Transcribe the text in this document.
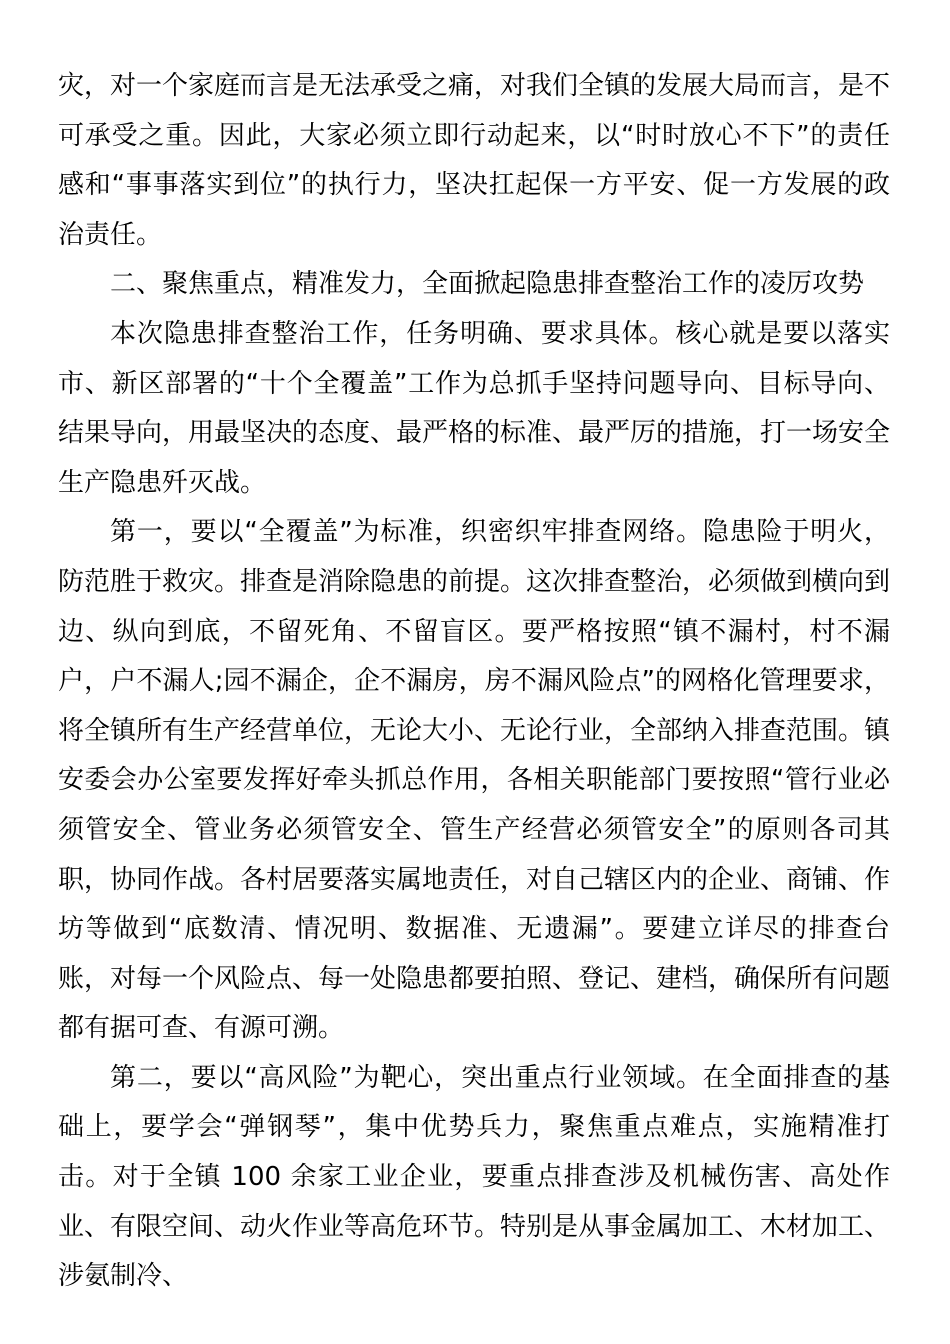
灾，对一个家庭而言是无法承受之痛，对我们全镇的发展大局而言，是不可承受之重。因此，大家必须立即行动起来，以“时时放心不下”的责任感和“事事落实到位”的执行力，坚决扛起保一方平安、促一方发展的政治责任。

二、聚焦重点，精准发力，全面掀起隐患排查整治工作的凌厉攻势

本次隐患排查整治工作，任务明确、要求具体。核心就是要以落实市、新区部署的“十个全覆盖”工作为总抓手坚持问题导向、目标导向、结果导向，用最坚决的态度、最严格的标准、最严厉的措施，打一场安全生产隐患歼灭战。

第一，要以“全覆盖”为标准，织密织牢排查网络。隐患险于明火，防范胜于救灾。排查是消除隐患的前提。这次排查整治，必须做到横向到边、纵向到底，不留死角、不留盲区。要严格按照“镇不漏村，村不漏户，户不漏人;园不漏企，企不漏房，房不漏风险点”的网格化管理要求，将全镇所有生产经营单位，无论大小、无论行业，全部纳入排查范围。镇安委会办公室要发挥好牵头抓总作用，各相关职能部门要按照“管行业必须管安全、管业务必须管安全、管生产经营必须管安全”的原则各司其职，协同作战。各村居要落实属地责任，对自己辖区内的企业、商铺、作坊等做到“底数清、情况明、数据准、无遗漏”。要建立详尽的排查台账，对每一个风险点、每一处隐患都要拍照、登记、建档，确保所有问题都有据可查、有源可溯。

第二，要以“高风险”为靶心，突出重点行业领域。在全面排查的基础上，要学会“弹钢琴”，集中优势兵力，聚焦重点难点，实施精准打击。对于全镇 100 余家工业企业，要重点排查涉及机械伤害、高处作业、有限空间、动火作业等高危环节。特别是从事金属加工、木材加工、涉氨制冷、
